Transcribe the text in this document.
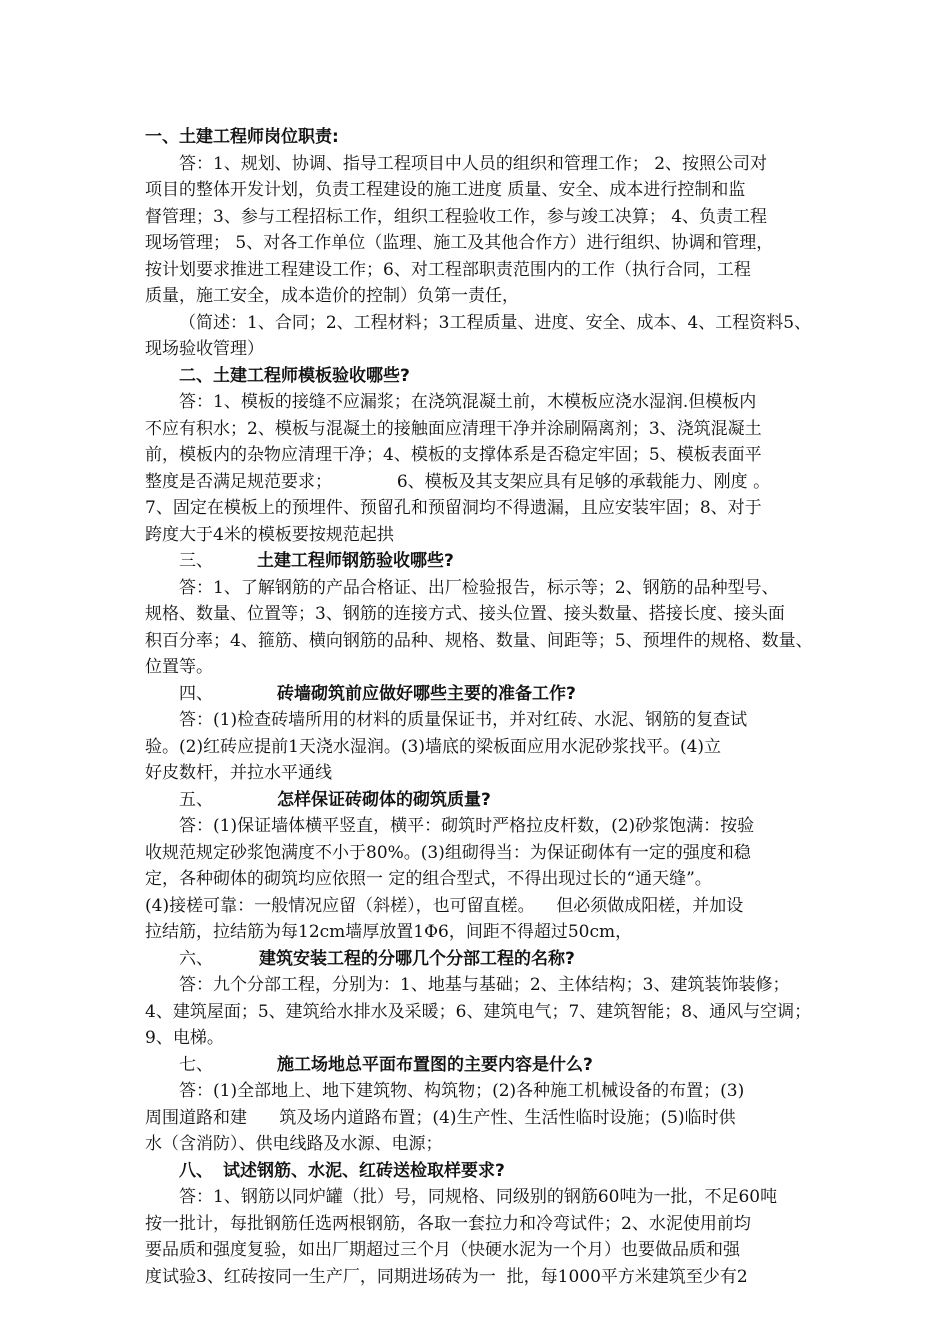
一、土建工程师岗位职责:
答：1、规划、协调、指导工程项目中人员的组织和管理工作； 2、按照公司对
项目的整体开发计划，负责工程建设的施工进度 质量、安全、成本进行控制和监
督管理；3、参与工程招标工作，组织工程验收工作，参与竣工决算； 4、负责工程
现场管理； 5、对各工作单位（监理、施工及其他合作方）进行组织、协调和管理，
按计划要求推进工程建设工作；6、对工程部职责范围内的工作（执行合同，工程
质量，施工安全，成本造价的控制）负第一责任，
（简述：1、合同；2、工程材料；3工程质量、进度、安全、成本、4、工程资料5、
现场验收管理）
二、土建工程师模板验收哪些?
答：1、模板的接缝不应漏浆；在浇筑混凝土前，木模板应浇水湿润.但模板内
不应有积水；2、模板与混凝土的接触面应清理干净并涂刷隔离剂；3、浇筑混凝土
前，模板内的杂物应清理干净；4、模板的支撑体系是否稳定牢固；5、模板表面平
整度是否满足规范要求；            6、模板及其支架应具有足够的承载能力、刚度 。
7、固定在模板上的预埋件、预留孔和预留洞均不得遗漏，且应安装牢固；8、对于
跨度大于4米的模板要按规范起拱
三、	土建工程师钢筋验收哪些?
答：1、了解钢筋的产品合格证、出厂检验报告，标示等；2、钢筋的品种型号、
规格、数量、位置等；3、钢筋的连接方式、接头位置、接头数量、搭接长度、接头面
积百分率；4、箍筋、横向钢筋的品种、规格、数量、间距等；5、预埋件的规格、数量、
位置等。
四、	砖墙砌筑前应做好哪些主要的准备工作?
答：(1)检查砖墙所用的材料的质量保证书，并对红砖、水泥、钢筋的复查试
验。(2)红砖应提前1天浇水湿润。(3)墙底的梁板面应用水泥砂浆找平。(4)立
好皮数杆，并拉水平通线
五、	怎样保证砖砌体的砌筑质量?
答：(1)保证墙体横平竖直，横平：砌筑时严格拉皮杆数，(2)砂浆饱满：按验
收规范规定砂浆饱满度不小于80%。(3)组砌得当：为保证砌体有一定的强度和稳
定，各种砌体的砌筑均应依照一 定的组合型式，不得出现过长的“通天缝”。
(4)接槎可靠：一般情况应留（斜槎），也可留直槎。    但必须做成阳槎，并加设
拉结筋，拉结筋为每12cm墙厚放置1Φ6，间距不得超过50cm，
六、	建筑安装工程的分哪几个分部工程的名称?
答：九个分部工程，分别为：1、地基与基础；2、主体结构；3、建筑装饰装修；
4、建筑屋面；5、建筑给水排水及采暖；6、建筑电气；7、建筑智能；8、通风与空调；
9、电梯。
七、	施工场地总平面布置图的主要内容是什么?
答：(1)全部地上、地下建筑物、构筑物；(2)各种施工机械设备的布置；(3)
周围道路和建      筑及场内道路布置；(4)生产性、生活性临时设施；(5)临时供
水（含消防）、供电线路及水源、电源；
八、 试述钢筋、水泥、红砖送检取样要求?
答：1、钢筋以同炉罐（批）号，同规格、同级别的钢筋60吨为一批，不足60吨
按一批计，每批钢筋任选两根钢筋，各取一套拉力和冷弯试件；2、水泥使用前均
要品质和强度复验，如出厂期超过三个月（快硬水泥为一个月）也要做品质和强
度试验3、红砖按同一生产厂，同期进场砖为一  批，每1000平方米建筑至少有2
